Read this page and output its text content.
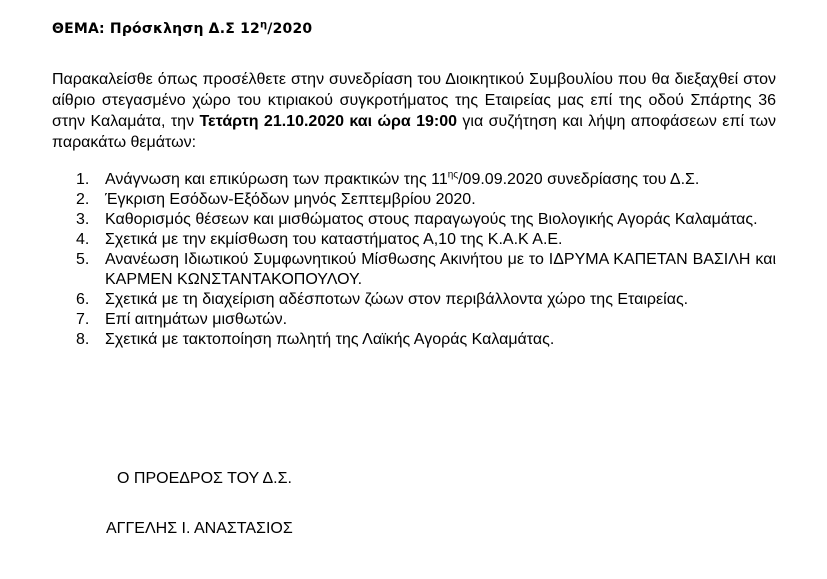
ΘΕΜΑ: Πρόσκληση Δ.Σ $12^\eta/2020$
Παρακαλείσθε όπως προσέλθετε στην συνεδρίαση του Διοικητικού Συμβουλίου που θα διεξαχθεί στον αίθριο στεγασμένο χώρο του κτιριακού συγκροτήματος της Εταιρείας μας επί της οδού Σπάρτης 36 στην Καλαμάτα, την Τετάρτη 21.10.2020 και ώρα 19:00 για συζήτηση και λήψη αποφάσεων επί των παρακάτω θεμάτων:
1. Ανάγνωση και επικύρωση των πρακτικών της $11^{\eta\varsigma}/09.09.2020$ συνεδρίασης του Δ.Σ.
2. Έγκριση Εσόδων-Εξόδων μηνός Σεπτεμβρίου 2020.
3. Καθορισμός θέσεων και μισθώματος στους παραγωγούς της Βιολογικής Αγοράς Καλαμάτας.
4. Σχετικά με την εκμίσθωση του καταστήματος Α,10 της Κ.Α.Κ Α.Ε.
5. Ανανέωση Ιδιωτικού Συμφωνητικού Μίσθωσης Ακινήτου με το ΙΔΡΥΜΑ ΚΑΠΕΤΑΝ ΒΑΣΙΛΗ και ΚΑΡΜΕΝ ΚΩΝΣΤΑΝΤΑΚΟΠΟΥΛΟΥ.
6. Σχετικά με τη διαχείριση αδέσποτων ζώων στον περιβάλλοντα χώρο της Εταιρείας.
7. Επί αιτημάτων μισθωτών.
8. Σχετικά με τακτοποίηση πωλητή της Λαϊκής Αγοράς Καλαμάτας.
Ο ΠΡΟΕΔΡΟΣ ΤΟΥ Δ.Σ.
ΑΓΓΕΛΗΣ Ι. ΑΝΑΣΤΑΣΙΟΣ
